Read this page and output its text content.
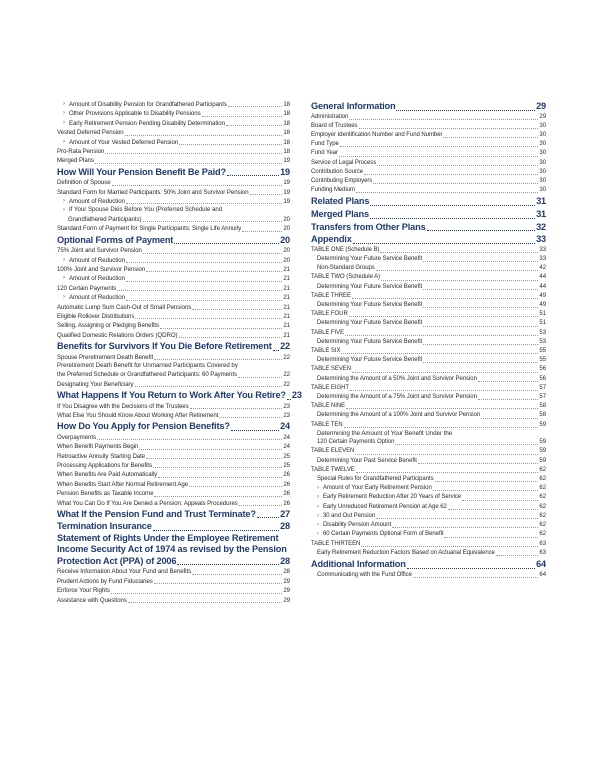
› Amount of Disability Pension for Grandfathered Participants	18
› Other Provisions Applicable to Disability Pensions	18
› Early Retirement Pension Pending Disability Determination	18
Vested Deferred Pension	18
› Amount of Your Vested Deferred Pension	18
Pro-Rata Pension	18
Merged Plans	19
How Will Your Pension Benefit Be Paid?	19
Definition of Spouse	19
Standard Form for Married Participants: 50% Joint and Survivor Pension	19
› Amount of Reduction	19
› If Your Spouse Dies Before You (Preferred Schedule and
Grandfathered Participants)	20
Standard Form of Payment for Single Participants: Single Life Annuity	20
Optional Forms of Payment	20
75% Joint and Survivor Pension	20
› Amount of Reduction	20
100% Joint and Survivor Pension	21
› Amount of Reduction	21
120 Certain Payments	21
› Amount of Reduction	21
Automatic Lump Sum Cash-Out of Small Pensions	21
Eligible Rollover Distributions	21
Selling, Assigning or Pledging Benefits	21
Qualified Domestic Relations Orders (QDRO)	21
Benefits for Survivors If You Die Before Retirement 22
Spouse Preretirement Death Benefit	22
Preretirement Death Benefit for Unmarried Participants Covered by
the Preferred Schedule or Grandfathered Participants: 60 Payments	22
Designating Your Beneficiary	22
What Happens If You Return to Work After You Retire? 23
If You Disagree with the Decisions of the Trustees	23
What Else You Should Know About Working After Retirement	23
How Do You Apply for Pension Benefits?	24
Overpayments	24
When Benefit Payments Begin	24
Retroactive Annuity Starting Date	25
Processing Applications for Benefits	25
When Benefits Are Paid Automatically	26
When Benefits Start After Normal Retirement Age	26
Pension Benefits as Taxable Income	26
What You Can Do If You Are Denied a Pension: Appeals Procedures	26
What If the Pension Fund and Trust Terminate?	27
Termination Insurance	28
Statement of Rights Under the Employee Retirement
Income Security Act of 1974 as revised by the Pension
Protection Act (PPA) of 2006	28
Receive Information About Your Fund and Benefits	28
Prudent Actions by Fund Fiduciaries	29
Enforce Your Rights	29
Assistance with Questions	29
General Information	29
Administration	29
Board of Trustees	30
Employer Identification Number and Fund Number	30
Fund Type	30
Fund Year	30
Service of Legal Process	30
Contribution Source	30
Contributing Employers	30
Funding Medium	30
Related Plans	31
Merged Plans	31
Transfers from Other Plans	32
Appendix	33
TABLE ONE (Schedule B)	33
Determining Your Future Service Benefit	33
Non-Standard Groups	42
TABLE TWO (Schedule A)	44
Determining Your Future Service Benefit	44
TABLE THREE	49
Determining Your Future Service Benefit	49
TABLE FOUR	51
Determining Your Future Service Benefit	51
TABLE FIVE	53
Determining Your Future Service Benefit	53
TABLE SIX	55
Determining Your Future Service Benefit	55
TABLE SEVEN	56
Determining the Amount of a 50% Joint and Survivor Pension	56
TABLE EIGHT	57
Determining the Amount of a 75% Joint and Survivor Pension	57
TABLE NINE	58
Determining the Amount of a 100% Joint and Survivor Pension	58
TABLE TEN	59
Determining the Amount of Your Benefit Under the
120 Certain Payments Option	59
TABLE ELEVEN	59
Determining Your Past Service Benefit	59
TABLE TWELVE	62
Special Rules for Grandfathered Participants	62
› Amount of Your Early Retirement Pension	62
› Early Retirement Reduction After 20 Years of Service	62
› Early Unreduced Retirement Pension at Age 62	62
› 30 and Out Pension	62
› Disability Pension Amount	62
› 60 Certain Payments Optional Form of Benefit	62
TABLE THIRTEEN	63
Early Retirement Reduction Factors Based on Actuarial Equivalence	63
Additional Information	64
Communicating with the Fund Office	64
